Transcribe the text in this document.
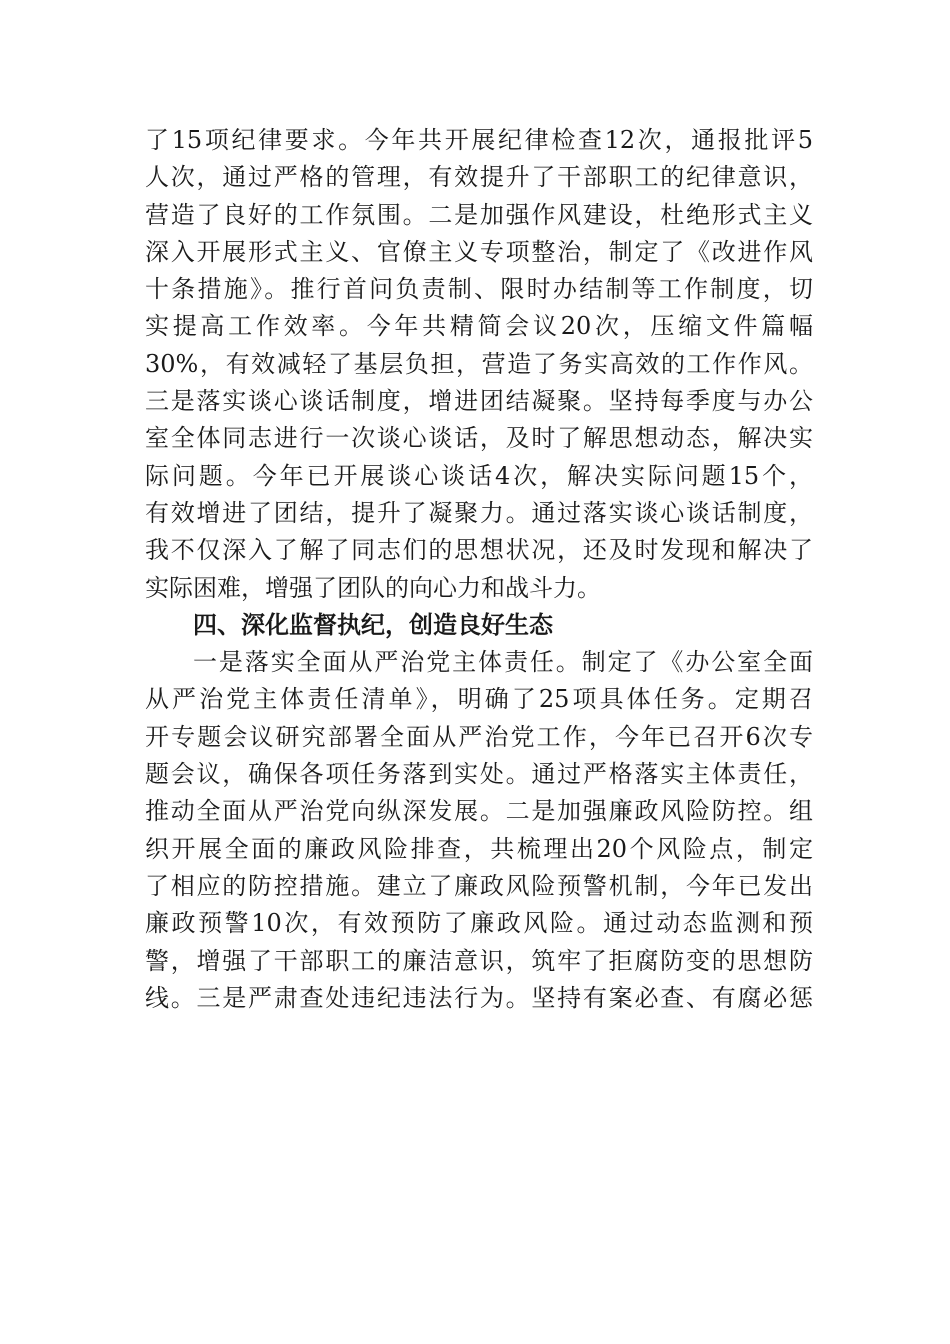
了15项纪律要求。今年共开展纪律检查12次，通报批评5
人次，通过严格的管理，有效提升了干部职工的纪律意识，
营造了良好的工作氛围。二是加强作风建设，杜绝形式主义
深入开展形式主义、官僚主义专项整治，制定了《改进作风
十条措施》。推行首问负责制、限时办结制等工作制度，切
实提高工作效率。今年共精简会议20次，压缩文件篇幅
30%，有效减轻了基层负担，营造了务实高效的工作作风。
三是落实谈心谈话制度，增进团结凝聚。坚持每季度与办公
室全体同志进行一次谈心谈话，及时了解思想动态，解决实
际问题。今年已开展谈心谈话4次，解决实际问题15个，
有效增进了团结，提升了凝聚力。通过落实谈心谈话制度，
我不仅深入了解了同志们的思想状况，还及时发现和解决了
实际困难，增强了团队的向心力和战斗力。
四、深化监督执纪，创造良好生态
一是落实全面从严治党主体责任。制定了《办公室全面
从严治党主体责任清单》，明确了25项具体任务。定期召
开专题会议研究部署全面从严治党工作，今年已召开6次专
题会议，确保各项任务落到实处。通过严格落实主体责任，
推动全面从严治党向纵深发展。二是加强廉政风险防控。组
织开展全面的廉政风险排查，共梳理出20个风险点，制定
了相应的防控措施。建立了廉政风险预警机制，今年已发出
廉政预警10次，有效预防了廉政风险。通过动态监测和预
警，增强了干部职工的廉洁意识，筑牢了拒腐防变的思想防
线。三是严肃查处违纪违法行为。坚持有案必查、有腐必惩
